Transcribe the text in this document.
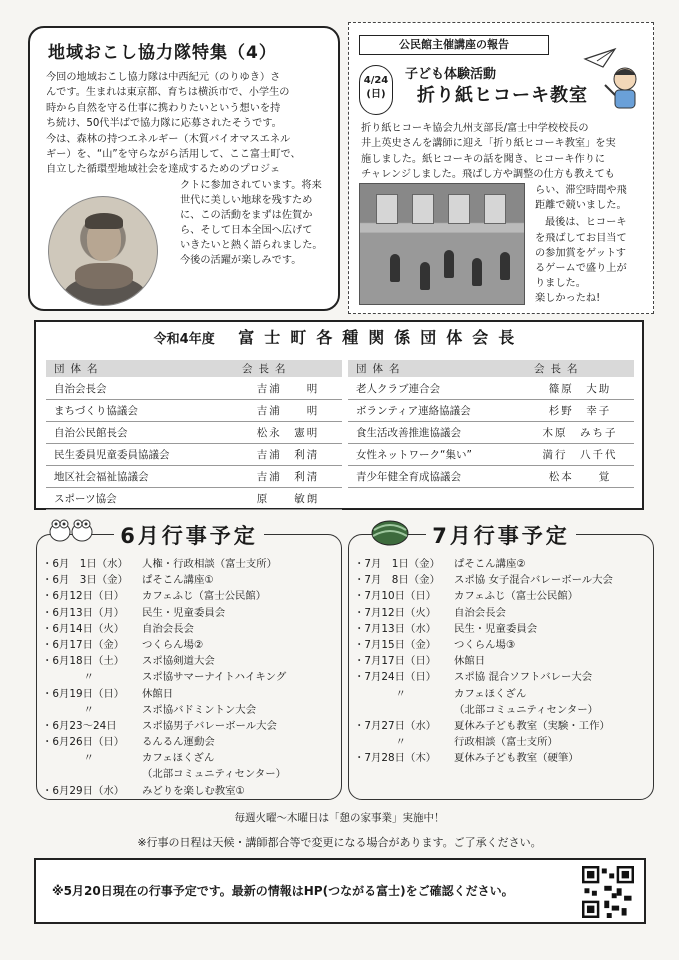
地域おこし協力隊特集（4）
今回の地域おこし協力隊は中西紀元（のりゆき）さ
んです。生まれは東京都、育ちは横浜市で、小学生の
時から自然を守る仕事に携わりたいという想いを持
ち続け、50代半ばで協力隊に応募されたそうです。
今は、森林の持つエネルギー（木質バイオマスエネル
ギー）を、“山”を守らながら活用して、ここ富士町で、
自立した循環型地域社会を達成するためのプロジェ
クトに参加されています。将来
世代に美しい地球を残すため
に、この活動をまずは佐賀か
ら、そして日本全国へ広げて
いきたいと熱く語られました。
今後の活躍が楽しみです。
公民館主催講座の報告
4/24
(日)
子ども体験活動
折り紙ヒコーキ教室
折り紙ヒコーキ協会九州支部長/富士中学校校長の
井上英史さんを講師に迎え「折り紙ヒコーキ教室」を実
施しました。紙ヒコーキの話を聞き、ヒコーキ作りに
チャレンジしました。飛ばし方や調整の仕方も教えても
らい、滞空時間や飛
距離で競いました。
最後は、ヒコーキ
を飛ばしてお目当て
の参加賞をゲットす
るゲームで盛り上が
りました。
楽しかったね!
令和4年度 富士町各種関係団体会長
団体名	会長名
自治会長会	吉浦　　明
まちづくり協議会	吉浦　　明
自治公民館長会	松永　憲明
民生委員児童委員協議会	吉浦　利清
地区社会福祉協議会	吉浦　利清
スポーツ協会	原　　敏朗
団体名	会長名
老人クラブ連合会	篠原　大助
ボランティア連絡協議会	杉野　幸子
食生活改善推進協議会	木原　みち子
女性ネットワーク“集い”	満行　八千代
青少年健全育成協議会	松本　　覚
6月行事予定
・6月　1日（水） 人権・行政相談（富士支所）
・6月　3日（金） ぱそこん講座①
・6月12日（日） カフェふじ（富士公民館）
・6月13日（月） 民生・児童委員会
・6月14日（火） 自治会長会
・6月17日（金） つくらん場②
・6月18日（土） スポ協剣道大会
　　　　〃	スポ協サマーナイトハイキング
・6月19日（日） 休館日
　　　　〃	スポ協バドミントン大会
・6月23～24日 スポ協男子バレーボール大会
・6月26日（日） るんるん運動会
　　　　〃	カフェほくざん
（北部コミュニティセンター）
・6月29日（水） みどりを楽しむ教室①
7月行事予定
・7月　1日（金） ぱそこん講座②
・7月　8日（金） スポ協 女子混合バレーボール大会
・7月10日（日） カフェふじ（富士公民館）
・7月12日（火） 自治会長会
・7月13日（水） 民生・児童委員会
・7月15日（金） つくらん場③
・7月17日（日） 休館日
・7月24日（日） スポ協 混合ソフトバレー大会
　　　　〃	カフェほくざん
（北部コミュニティセンター）
・7月27日（水） 夏休み子ども教室（実験・工作）
　　　　〃	行政相談（富士支所）
・7月28日（木） 夏休み子ども教室（硬筆）
毎週火曜～木曜日は「憩の家事業」実施中！
※行事の日程は天候・講師都合等で変更になる場合があります。ご了承ください。
※5月20日現在の行事予定です。最新の情報はHP(つながる富士)をご確認ください。
